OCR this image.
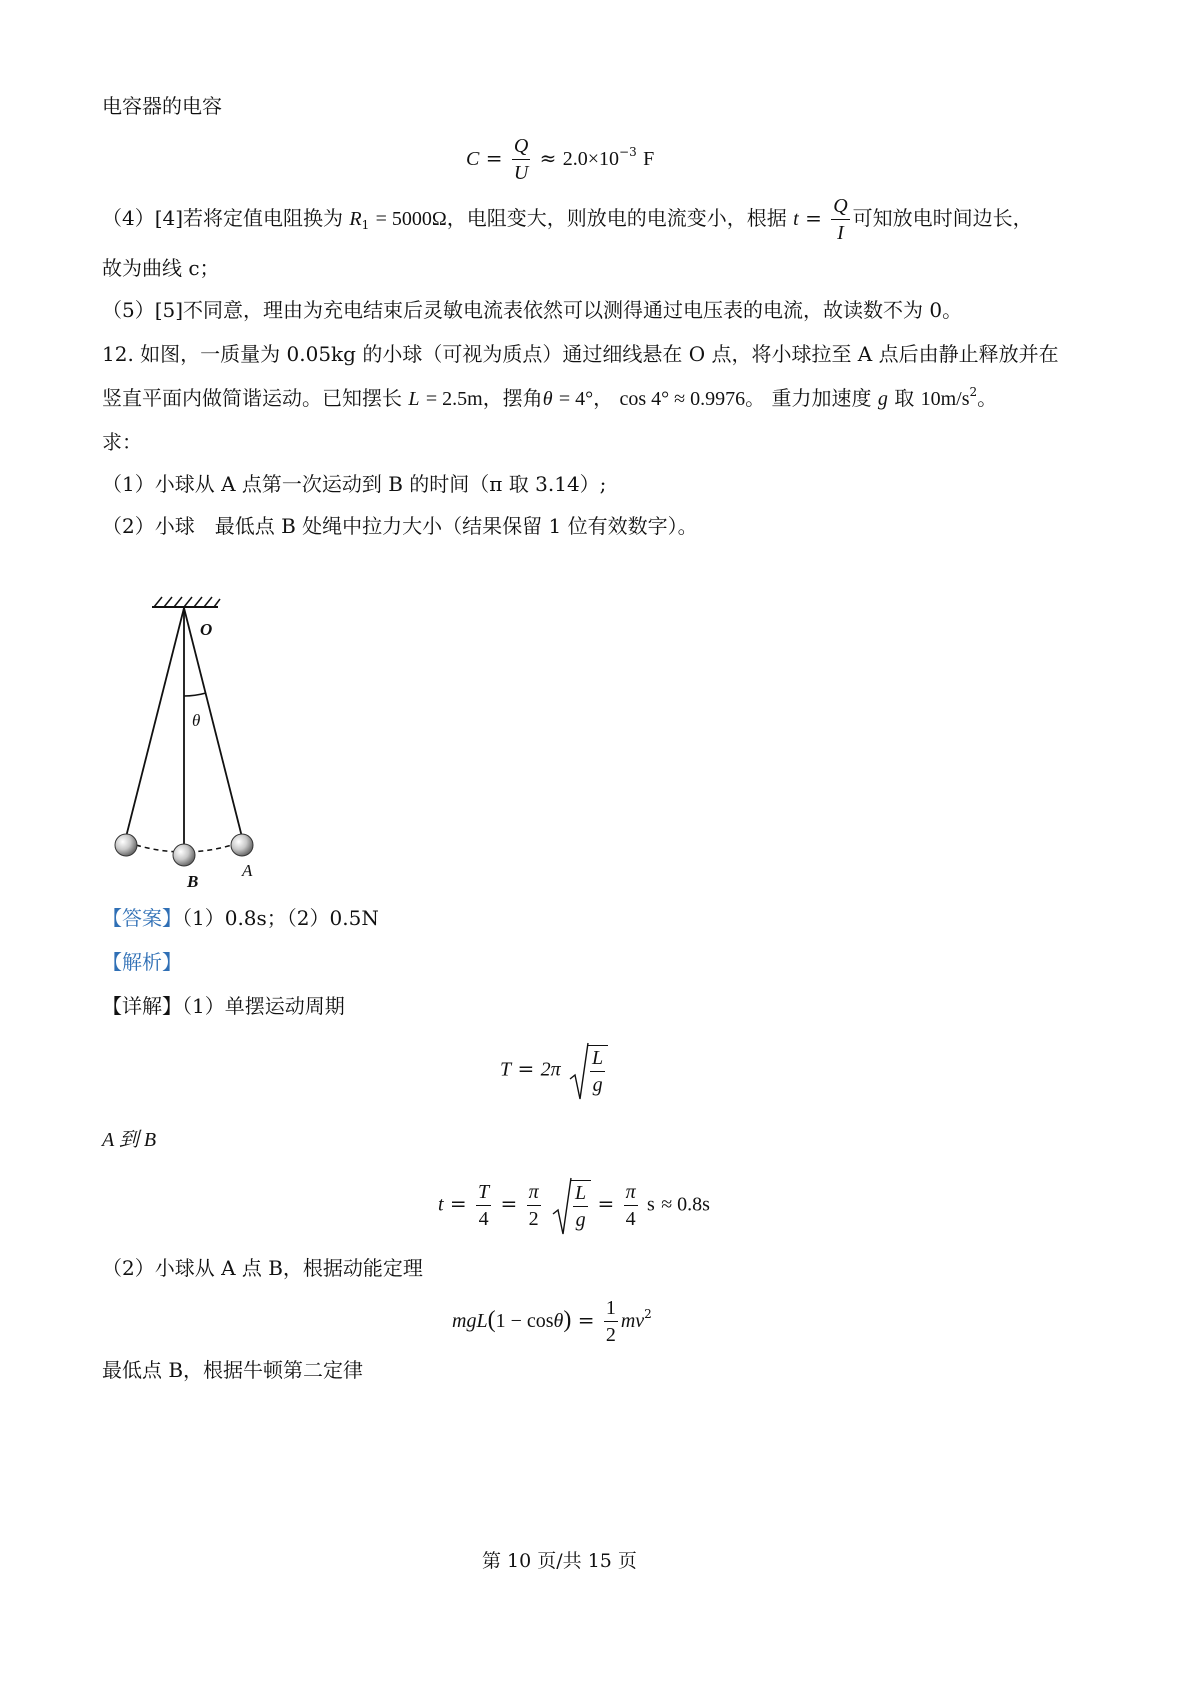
电容器的电容
$C = \frac{Q}{U} \approx 2.0\times 10^{-3}$ F
（4）[4]若将定值电阻换为 $R_1 = 5000\Omega$，电阻变大，则放电的电流变小，根据 $t = \frac{Q}{I}$ 可知放电时间边长，
故为曲线 c；
（5）[5]不同意，理由为充电结束后灵敏电流表依然可以测得通过电压表的电流，故读数不为 0。
12. 如图，一质量为 0.05kg 的小球（可视为质点）通过细线悬在 O 点，将小球拉至 A 点后由静止释放并在
竖直平面内做简谐运动。已知摆长 L = 2.5m，摆角θ = 4°， cos 4° ≈ 0.9976。 重力加速度 g 取 $10m/s^2$。
求：
（1）小球从 A 点第一次运动到 B 的时间（π 取 3.14）;
（2）小球　最低点 B 处绳中拉力大小（结果保留 1 位有效数字）。
O
θ
B
A
【答案】（1）0.8s；（2）0.5N
【解析】
【详解】（1）单摆运动周期
$T = 2\pi \frac{L}{g}$
A 到 B
$t = \frac{T}{4} = \frac{\pi}{2}$
$\frac{L}{g} = \frac{\pi}{4}$ s ≈ 0.8s
（2）小球从 A 点 B，根据动能定理
$mgL(1 - \cos\theta) = \frac{1}{2} mv^2$
最低点 B，根据牛顿第二定律
第 10 页/共 15 页
